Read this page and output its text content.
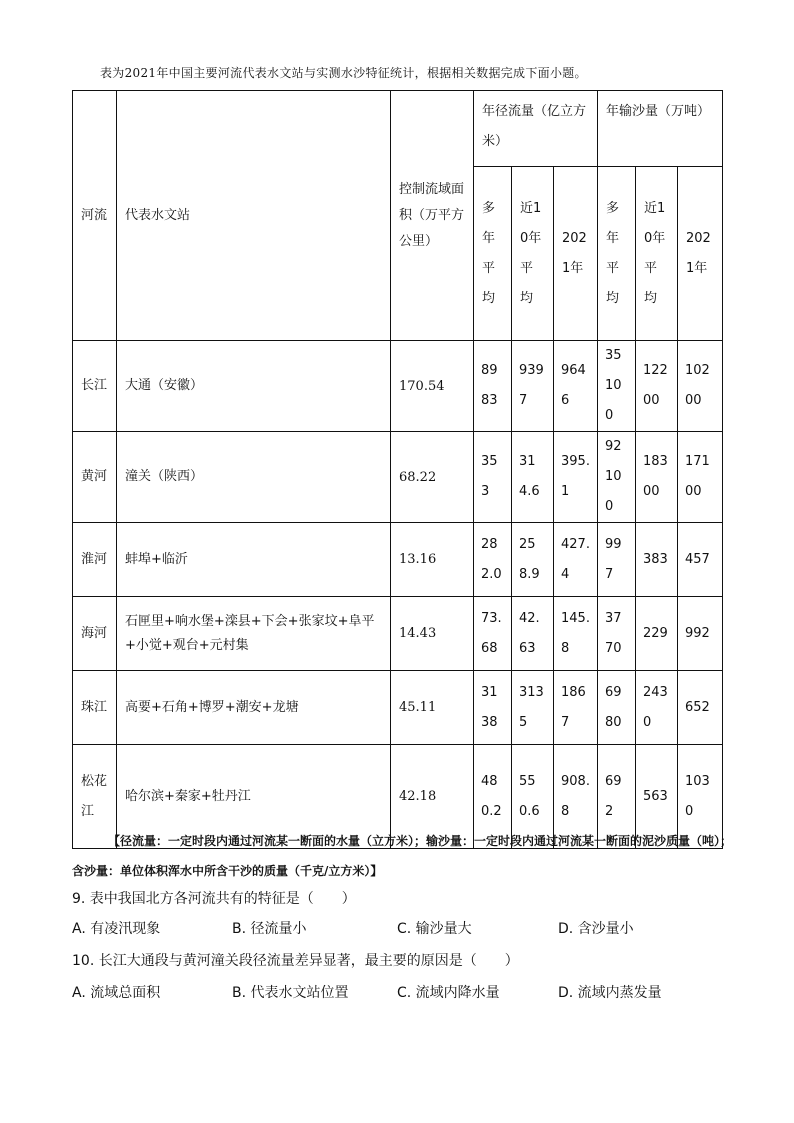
表为2021年中国主要河流代表水文站与实测水沙特征统计，根据相关数据完成下面小题。
河流	代表水文站	控制流域面积（万平方公里）	年径流量（亿立方米）			年输沙量（万吨）		

			多年平均	近10年平均	2021年	多年平均	近10年平均	2021年

长江	大通（安徽）	170.54	8983	9397	9646	35100	12200	10200

黄河	潼关（陕西）	68.22	353	314.6	395.1	92100	18300	17100

淮河	蚌埠+临沂	13.16	282.0	258.9	427.4	997	383	457

海河	石匣里+响水堡+滦县+下会+张家坟+阜平+小觉+观台+元村集	14.43	73.68	42.63	145.8	3770	229	992

珠江	高要+石角+博罗+潮安+龙塘	45.11	3138	3135	1867	6980	2430	652

松花江	哈尔滨+秦家+牡丹江	42.18	480.2	550.6	908.8	692	563	1030
【径流量：一定时段内通过河流某一断面的水量（立方米）；输沙量：一定时段内通过河流某一断面的泥沙质量（吨）；含沙量：单位体积浑水中所含干沙的质量（千克/立方米）】
9. 表中我国北方各河流共有的特征是（　　）
A. 有凌汛现象	B. 径流量小	C. 输沙量大	D. 含沙量小
10. 长江大通段与黄河潼关段径流量差异显著，最主要的原因是（　　）
A. 流域总面积	B. 代表水文站位置	C. 流域内降水量	D. 流域内蒸发量
